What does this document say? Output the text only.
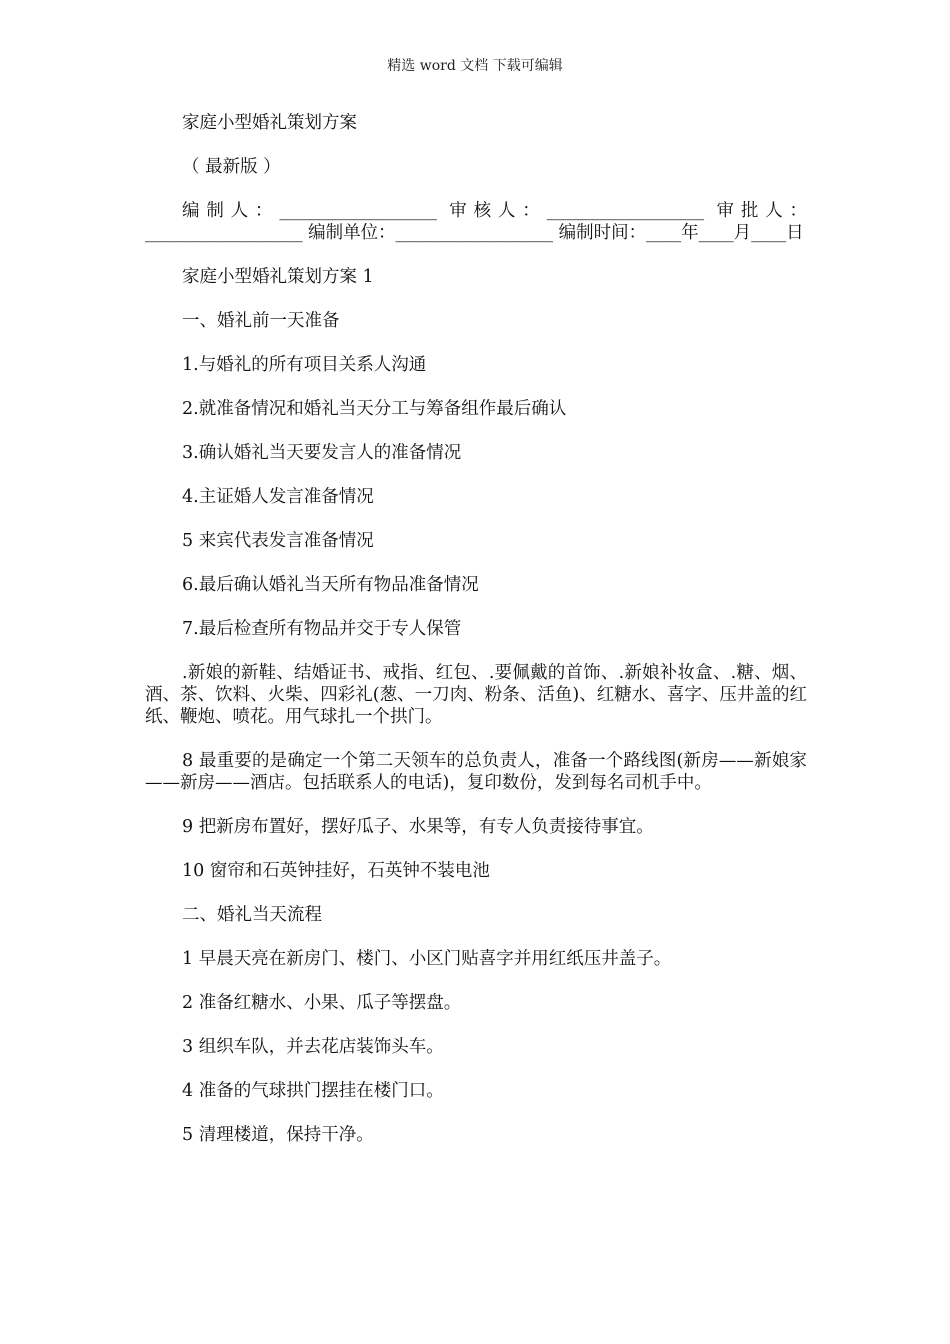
精选 word 文档 下载可编辑

家庭小型婚礼策划方案

（ 最新版 ）

编制人：__________________ 审核人：__________________ 审批人：__________________ 编制单位：__________________ 编制时间：____年____月____日

家庭小型婚礼策划方案 1

一、婚礼前一天准备

1.与婚礼的所有项目关系人沟通

2.就准备情况和婚礼当天分工与筹备组作最后确认

3.确认婚礼当天要发言人的准备情况

4.主证婚人发言准备情况

5 来宾代表发言准备情况

6.最后确认婚礼当天所有物品准备情况

7.最后检查所有物品并交于专人保管

.新娘的新鞋、结婚证书、戒指、红包、.要佩戴的首饰、.新娘补妆盒、.糖、烟、酒、茶、饮料、火柴、四彩礼(葱、一刀肉、粉条、活鱼)、红糖水、喜字、压井盖的红纸、鞭炮、喷花。用气球扎一个拱门。

8 最重要的是确定一个第二天领车的总负责人，准备一个路线图(新房——新娘家——新房——酒店。包括联系人的电话)，复印数份，发到每名司机手中。

9 把新房布置好，摆好瓜子、水果等，有专人负责接待事宜。

10 窗帘和石英钟挂好，石英钟不装电池

二、婚礼当天流程

1 早晨天亮在新房门、楼门、小区门贴喜字并用红纸压井盖子。

2 准备红糖水、小果、瓜子等摆盘。

3 组织车队，并去花店装饰头车。

4 准备的气球拱门摆挂在楼门口。

5 清理楼道，保持干净。
